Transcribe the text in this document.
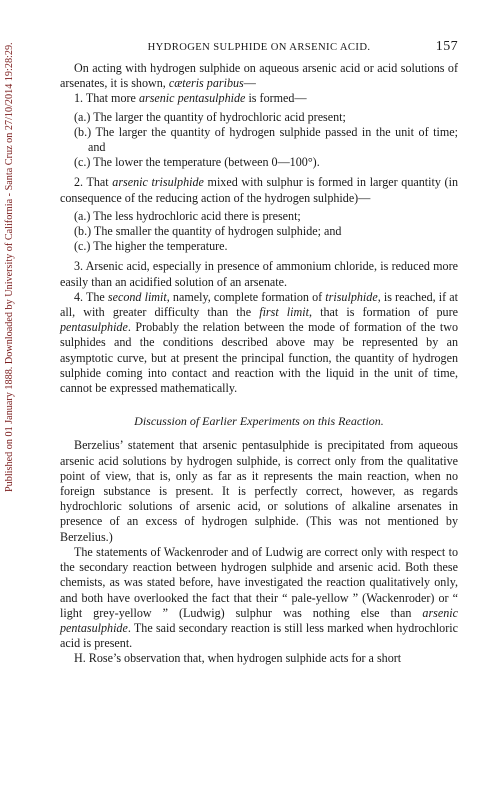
Published on 01 January 1888. Downloaded by University of California - Santa Cruz on 27/10/2014 19:28:29.	HYDROGEN SULPHIDE ON ARSENIC ACID.	157

On acting with hydrogen sulphide on aqueous arsenic acid or acid solutions of arsenates, it is shown, cæteris paribus—

1. That more arsenic pentasulphide is formed—

(a.) The larger the quantity of hydrochloric acid present;

(b.) The larger the quantity of hydrogen sulphide passed in the unit of time; and

(c.) The lower the temperature (between 0—100°).

2. That arsenic trisulphide mixed with sulphur is formed in larger quantity (in consequence of the reducing action of the hydrogen sulphide)—

(a.) The less hydrochloric acid there is present;

(b.) The smaller the quantity of hydrogen sulphide; and

(c.) The higher the temperature.

3. Arsenic acid, especially in presence of ammonium chloride, is reduced more easily than an acidified solution of an arsenate.

4. The second limit, namely, complete formation of trisulphide, is reached, if at all, with greater difficulty than the first limit, that is formation of pure pentasulphide. Probably the relation between the mode of formation of the two sulphides and the conditions described above may be represented by an asymptotic curve, but at present the principal function, the quantity of hydrogen sulphide coming into contact and reaction with the liquid in the unit of time, cannot be expressed mathematically.

Discussion of Earlier Experiments on this Reaction.

Berzelius’ statement that arsenic pentasulphide is precipitated from aqueous arsenic acid solutions by hydrogen sulphide, is correct only from the qualitative point of view, that is, only as far as it represents the main reaction, when no foreign substance is present. It is perfectly correct, however, as regards hydrochloric solutions of arsenic acid, or solutions of alkaline arsenates in presence of an excess of hydrogen sulphide. (This was not mentioned by Berzelius.)

The statements of Wackenroder and of Ludwig are correct only with respect to the secondary reaction between hydrogen sulphide and arsenic acid. Both these chemists, as was stated before, have investigated the reaction qualitatively only, and both have overlooked the fact that their “ pale-yellow ” (Wackenroder) or “ light grey-yellow ” (Ludwig) sulphur was nothing else than arsenic pentasulphide. The said secondary reaction is still less marked when hydrochloric acid is present.

H. Rose’s observation that, when hydrogen sulphide acts for a short
